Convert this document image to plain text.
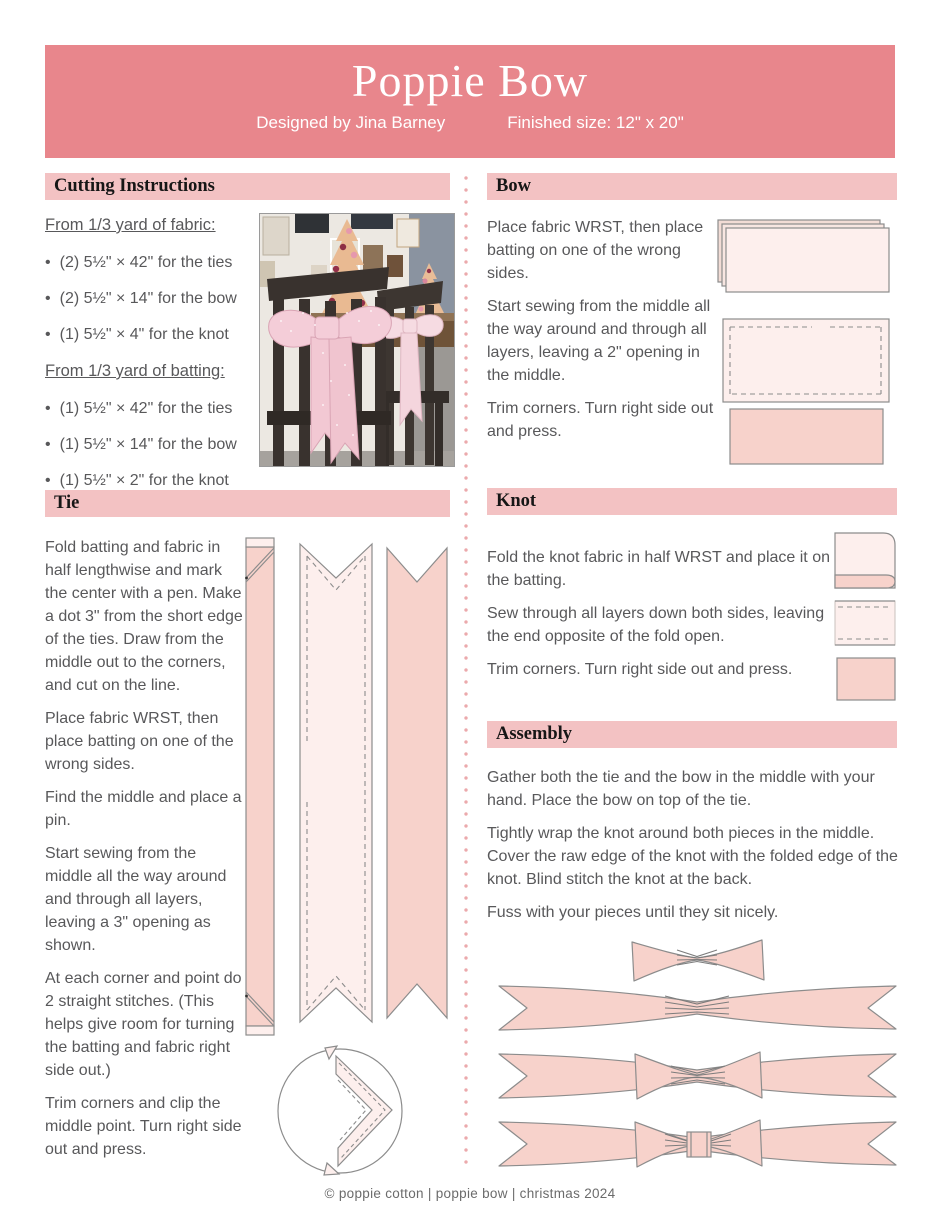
Poppie Bow
Designed by Jina Barney	Finished size: 12" x 20"
Cutting Instructions
From 1/3 yard of fabric:
• (2) 5½" × 42" for the ties
• (2) 5½" × 14" for the bow
• (1) 5½" × 4" for the knot
From 1/3 yard of batting:
• (1) 5½" × 42" for the ties
• (1) 5½" × 14" for the bow
• (1) 5½" × 2" for the knot
Bow

Place fabric WRST, then place batting on one of the wrong sides.

Start sewing from the middle all the way around and through all layers, leaving a 2" opening in the middle.

Trim corners. Turn right side out and press.

Tie

Fold batting and fabric in half lengthwise and mark the center with a pen. Make a dot 3" from the short edge of the ties. Draw from the middle out to the corners, and cut on the line.

Place fabric WRST, then place batting on one of the wrong sides.

Find the middle and place a pin.

Start sewing from the middle all the way around and through all layers, leaving a 3" opening as shown.

At each corner and point do 2 straight stitches. (This helps give room for turning the batting and fabric right side out.)

Trim corners and clip the middle point. Turn right side out and press.

Knot

Fold the knot fabric in half WRST and place it on the batting.

Sew through all layers down both sides, leaving the end opposite of the fold open.

Trim corners. Turn right side out and press.

Assembly

Gather both the tie and the bow in the middle with your hand. Place the bow on top of the tie.

Tightly wrap the knot around both pieces in the middle. Cover the raw edge of the knot with the folded edge of the knot. Blind stitch the knot at the back.

Fuss with your pieces until they sit nicely.

© poppie cotton | poppie bow | christmas 2024
